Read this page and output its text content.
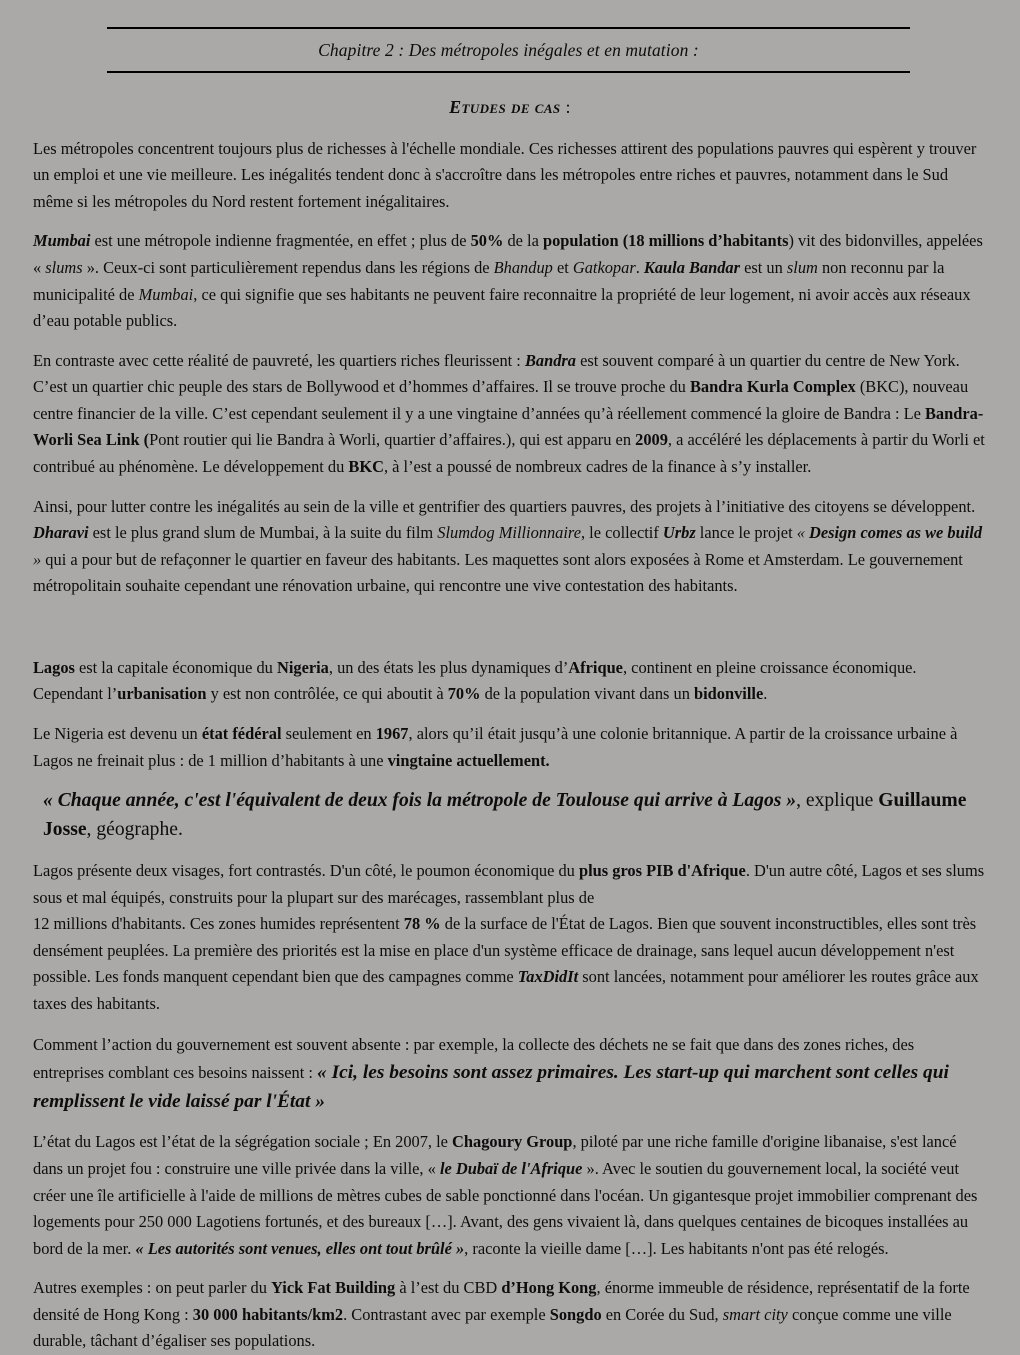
Chapitre 2 : Des métropoles inégales et en mutation :
Etudes de cas :

Les métropoles concentrent toujours plus de richesses à l'échelle mondiale. Ces richesses attirent des populations pauvres qui espèrent y trouver un emploi et une vie meilleure. Les inégalités tendent donc à s'accroître dans les métropoles entre riches et pauvres, notamment dans le Sud même si les métropoles du Nord restent fortement inégalitaires.

Mumbai est une métropole indienne fragmentée, en effet ; plus de 50% de la population (18 millions d’habitants) vit des bidonvilles, appelées « slums ». Ceux-ci sont particulièrement rependus dans les régions de Bhandup et Gatkopar. Kaula Bandar est un slum non reconnu par la municipalité de Mumbai, ce qui signifie que ses habitants ne peuvent faire reconnaitre la propriété de leur logement, ni avoir accès aux réseaux d’eau potable publics.

En contraste avec cette réalité de pauvreté, les quartiers riches fleurissent : Bandra est souvent comparé à un quartier du centre de New York. C’est un quartier chic peuple des stars de Bollywood et d’hommes d’affaires. Il se trouve proche du Bandra Kurla Complex (BKC), nouveau centre financier de la ville. C’est cependant seulement il y a une vingtaine d’années qu’à réellement commencé la gloire de Bandra : Le Bandra-Worli Sea Link (Pont routier qui lie Bandra à Worli, quartier d’affaires.), qui est apparu en 2009, a accéléré les déplacements à partir du Worli et contribué au phénomène. Le développement du BKC, à l’est a poussé de nombreux cadres de la finance à s’y installer.

Ainsi, pour lutter contre les inégalités au sein de la ville et gentrifier des quartiers pauvres, des projets à l’initiative des citoyens se développent. Dharavi est le plus grand slum de Mumbai, à la suite du film Slumdog Millionnaire, le collectif Urbz lance le projet « Design comes as we build » qui a pour but de refaçonner le quartier en faveur des habitants. Les maquettes sont alors exposées à Rome et Amsterdam. Le gouvernement métropolitain souhaite cependant une rénovation urbaine, qui rencontre une vive contestation des habitants.

Lagos est la capitale économique du Nigeria, un des états les plus dynamiques d’Afrique, continent en pleine croissance économique. Cependant l’urbanisation y est non contrôlée, ce qui aboutit à 70% de la population vivant dans un bidonville.

Le Nigeria est devenu un état fédéral seulement en 1967, alors qu’il était jusqu’à une colonie britannique. A partir de la croissance urbaine à Lagos ne freinait plus : de 1 million d’habitants à une vingtaine actuellement.

« Chaque année, c'est l'équivalent de deux fois la métropole de Toulouse qui arrive à Lagos », explique Guillaume Josse, géographe.

Lagos présente deux visages, fort contrastés. D'un côté, le poumon économique du plus gros PIB d'Afrique. D'un autre côté, Lagos et ses slums sous et mal équipés, construits pour la plupart sur des marécages, rassemblant plus de
12 millions d'habitants. Ces zones humides représentent 78 % de la surface de l'État de Lagos. Bien que souvent inconstructibles, elles sont très densément peuplées. La première des priorités est la mise en place d'un système efficace de drainage, sans lequel aucun développement n'est possible. Les fonds manquent cependant bien que des campagnes comme TaxDidIt sont lancées, notamment pour améliorer les routes grâce aux taxes des habitants.

Comment l’action du gouvernement est souvent absente : par exemple, la collecte des déchets ne se fait que dans des zones riches, des entreprises comblant ces besoins naissent : « Ici, les besoins sont assez primaires. Les start-up qui marchent sont celles qui remplissent le vide laissé par l'État »

L’état du Lagos est l’état de la ségrégation sociale ; En 2007, le Chagoury Group, piloté par une riche famille d'origine libanaise, s'est lancé dans un projet fou : construire une ville privée dans la ville, « le Dubaï de l'Afrique ». Avec le soutien du gouvernement local, la société veut créer une île artificielle à l'aide de millions de mètres cubes de sable ponctionné dans l'océan. Un gigantesque projet immobilier comprenant des logements pour 250 000 Lagotiens fortunés, et des bureaux […]. Avant, des gens vivaient là, dans quelques centaines de bicoques installées au bord de la mer. « Les autorités sont venues, elles ont tout brûlé », raconte la vieille dame […]. Les habitants n'ont pas été relogés.

Autres exemples : on peut parler du Yick Fat Building à l’est du CBD d’Hong Kong, énorme immeuble de résidence, représentatif de la forte densité de Hong Kong : 30 000 habitants/km2. Contrastant avec par exemple Songdo en Corée du Sud, smart city conçue comme une ville durable, tâchant d’égaliser ses populations.
